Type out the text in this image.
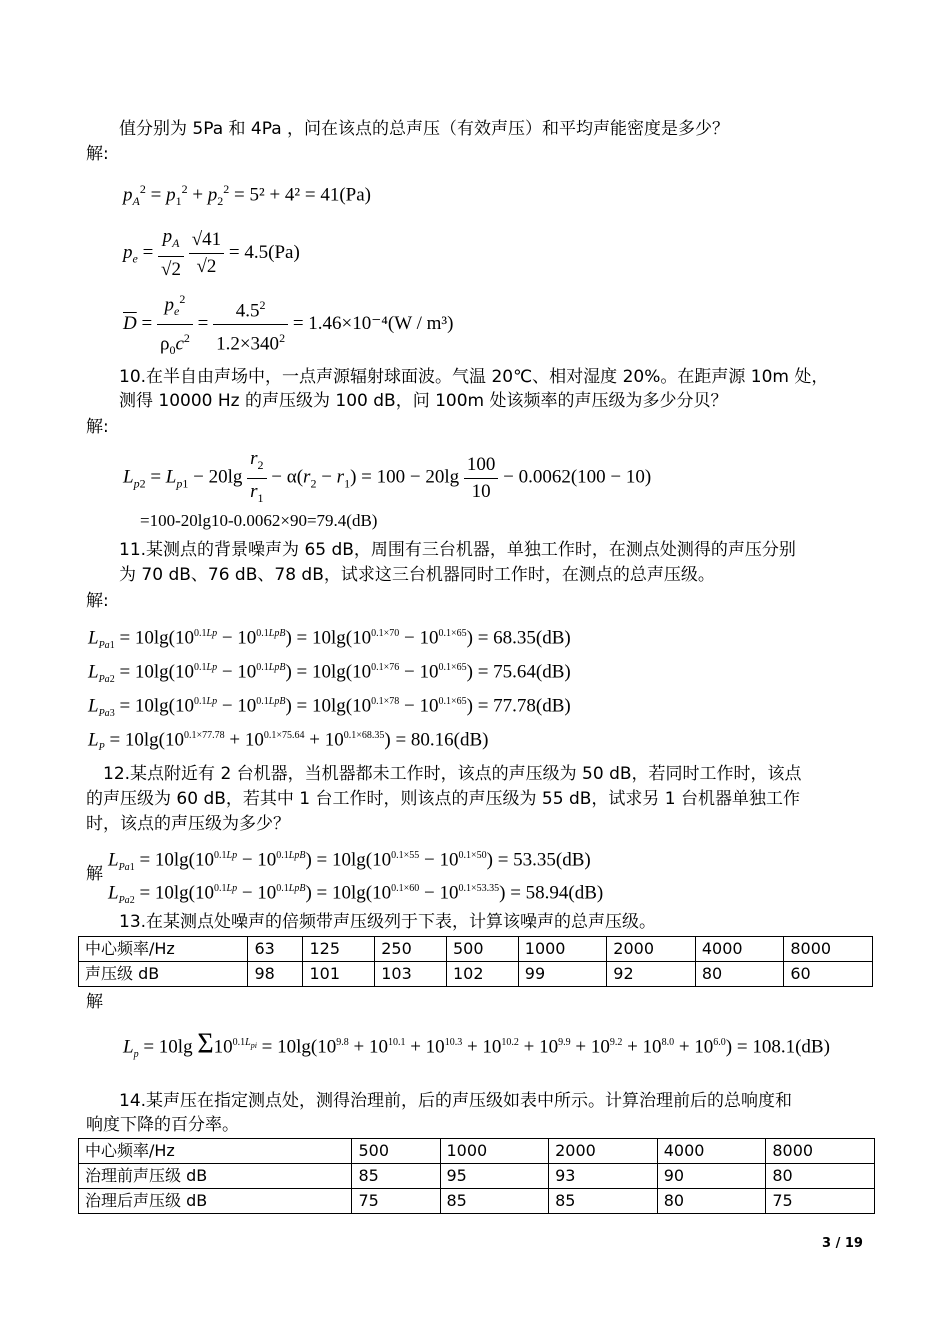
值分别为 5Pa 和 4Pa ，问在该点的总声压（有效声压）和平均声能密度是多少？
解:
$p_A^2 = p_1^2 + p_2^2 = 5^2 + 4^2 = 41(Pa)$
$p_e = \frac{p_A}{√2}$
$\frac{√41}{√2} = 4.5(Pa)$
$\overline{D} = \frac{p_e^2}{\rho_0c^2} = \frac{4.5^2}{1.2\times 340^2} = 1.46\times 10^{-4}(W / m^3)$
10.在半自由声场中，一点声源辐射球面波。气温 20℃、相对湿度 20%。在距声源 10m 处，
测得 10000 Hz 的声压级为 100 dB，问 100m 处该频率的声压级为多少分贝？
解:
$L_{p2} = L_{p1} - 20\lg \frac{r_2}{r_1} - \alpha(r_2 - r_1) = 100 - 20\lg \frac{100}{10} - 0.0062(100 - 10)$
=100-20lg10-0.0062×90=79.4(dB)
11.某测点的背景噪声为 65 dB，周围有三台机器，单独工作时，在测点处测得的声压分别
为 70 dB、76 dB、78 dB，试求这三台机器同时工作时，在测点的总声压级。
解:
$L_{Pa1} = 10\lg(10^{0.1Lp} - 10^{0.1LpB}) = 10\lg(10^{0.1\times 70} - 10^{0.1\times 65}) = 68.35(dB)$
$L_{Pa2} = 10\lg(10^{0.1Lp} - 10^{0.1LpB}) = 10\lg(10^{0.1\times 76} - 10^{0.1\times 65}) = 75.64(dB)$
$L_{Pa3} = 10\lg(10^{0.1Lp} - 10^{0.1LpB}) = 10\lg(10^{0.1\times 78} - 10^{0.1\times 65}) = 77.78(dB)$
$L_P = 10\lg(10^{0.1\times 77.78} + 10^{0.1\times 75.64} + 10^{0.1\times 68.35}) = 80.16(dB)$
12.某点附近有 2 台机器，当机器都未工作时，该点的声压级为 50 dB，若同时工作时，该点
的声压级为 60 dB，若其中 1 台工作时，则该点的声压级为 55 dB，试求另 1 台机器单独工作
时，该点的声压级为多少？
$L_{Pa1} = 10\lg(10^{0.1Lp} - 10^{0.1LpB}) = 10\lg(10^{0.1\times 55} - 10^{0.1\times 50}) = 53.35(dB)$
解
$L_{Pa2} = 10\lg(10^{0.1Lp} - 10^{0.1LpB}) = 10\lg(10^{0.1\times 60} - 10^{0.1\times 53.35}) = 58.94(dB)$
13.在某测点处噪声的倍频带声压级列于下表，计算该噪声的总声压级。
中心频率/Hz	63	125	250	500	1000	2000	4000	8000
声压级 dB	98	101	103	102	99	92	80	60
解
$L_p = 10\lg$ $\Sigma 10^{0.1L_{pi}} = 10\lg(10^{9.8} + 10^{10.1} + 10^{10.3} + 10^{10.2} + 10^{9.9} + 10^{9.2} + 10^{8.0} + 10^{6.0}) = 108.1(dB)$
14.某声压在指定测点处，测得治理前，后的声压级如表中所示。计算治理前后的总响度和
响度下降的百分率。
中心频率/Hz	500	1000	2000	4000	8000
治理前声压级 dB	85	95	93	90	80
治理后声压级 dB	75	85	85	80	75
3 / 19
